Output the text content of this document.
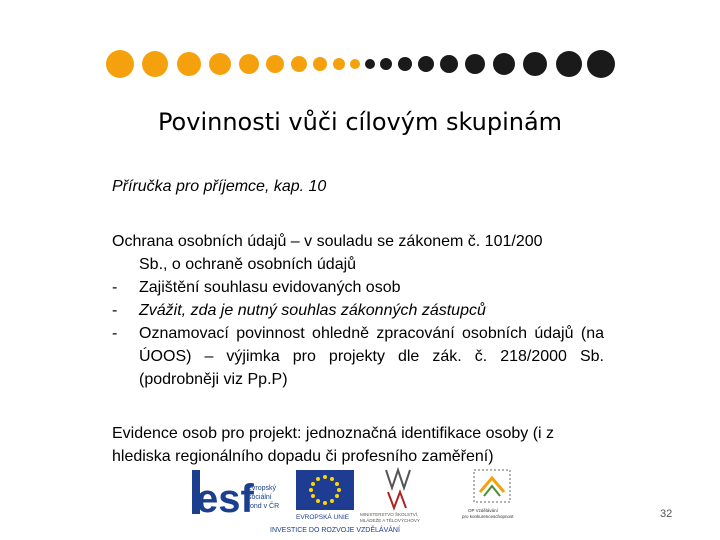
Povinnosti vůči cílovým skupinám
Příručka pro příjemce, kap. 10
Ochrana osobních údajů – v souladu se zákonem č. 101/200
Sb., o ochraně osobních údajů
- Zajištění souhlasu evidovaných osob
- Zvážit, zda je nutný souhlas zákonných zástupců
- Oznamovací povinnost ohledně zpracování osobních údajů (na ÚOOS) – výjimka pro projekty dle zák. č. 218/2000 Sb. (podrobněji viz Pp.P)
Evidence osob pro projekt: jednoznačná identifikace osoby (i z hlediska regionálního dopadu či profesního zaměření)
esf
evropský
sociální
fond v ČR
EVROPSKÁ UNIE MINISTERSTVO ŠKOLSTVÍ,
MLÁDEŽE A TĚLOVÝCHOVY
OP Vzdělávání
pro konkurenceschopnost
INVESTICE DO ROZVOJE VZDĚLÁVÁNÍ
32
